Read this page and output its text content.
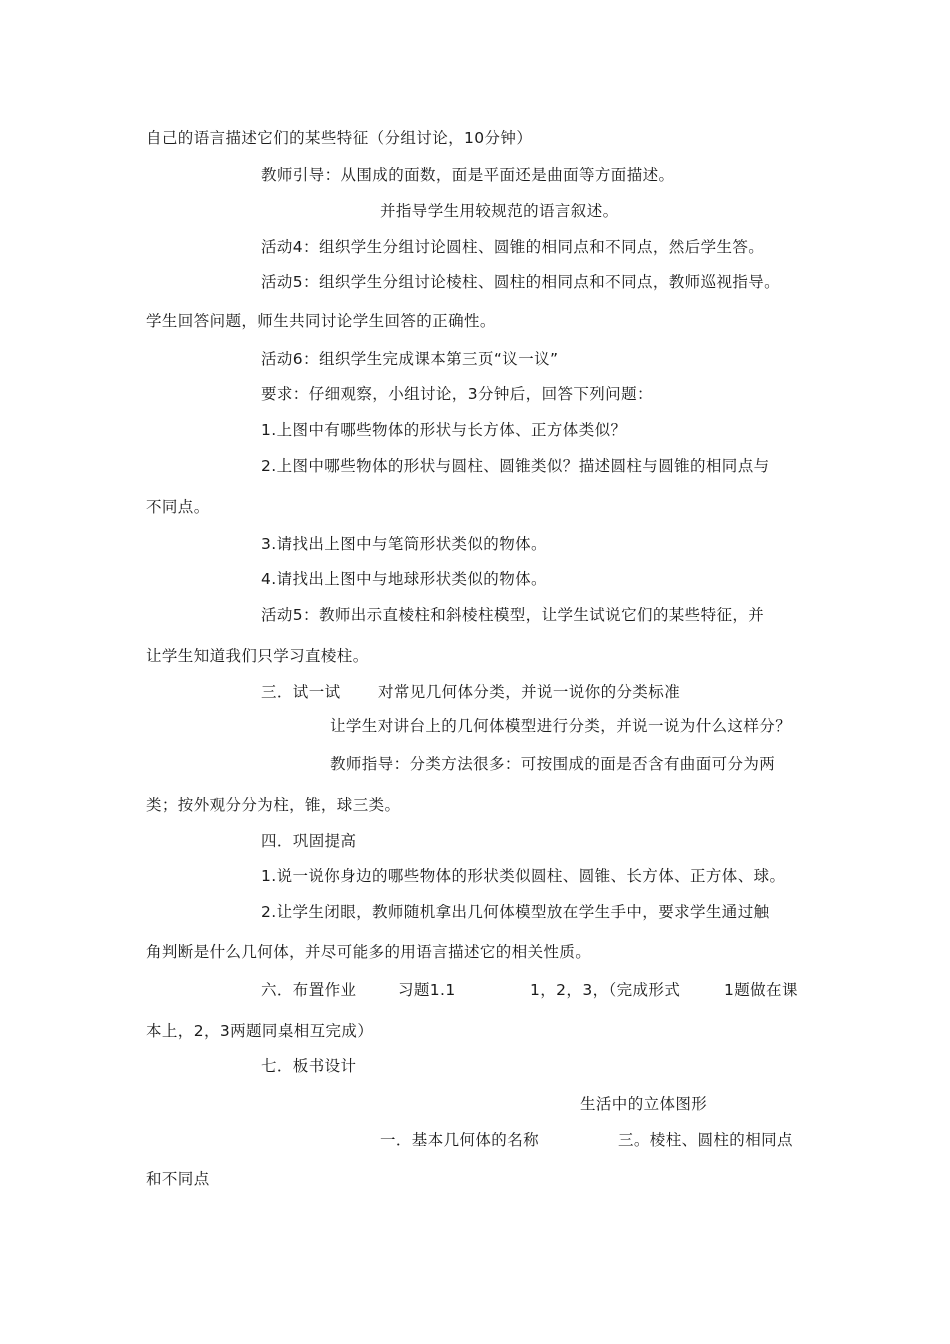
自己的语言描述它们的某些特征（分组讨论，10分钟）
教师引导：从围成的面数，面是平面还是曲面等方面描述。
并指导学生用较规范的语言叙述。
活动4：组织学生分组讨论圆柱、圆锥的相同点和不同点，然后学生答。
活动5：组织学生分组讨论棱柱、圆柱的相同点和不同点，教师巡视指导。
学生回答问题，师生共同讨论学生回答的正确性。
活动6：组织学生完成课本第三页“议一议”
要求：仔细观察，小组讨论，3分钟后，回答下列问题：
1.上图中有哪些物体的形状与长方体、正方体类似？
2.上图中哪些物体的形状与圆柱、圆锥类似？描述圆柱与圆锥的相同点与
不同点。
3.请找出上图中与笔筒形状类似的物体。
4.请找出上图中与地球形状类似的物体。
活动5：教师出示直棱柱和斜棱柱模型，让学生试说它们的某些特征，并
让学生知道我们只学习直棱柱。
三．试一试 对常见几何体分类，并说一说你的分类标准
让学生对讲台上的几何体模型进行分类，并说一说为什么这样分？
教师指导：分类方法很多：可按围成的面是否含有曲面可分为两
类；按外观分分为柱，锥，球三类。
四．巩固提高
1.说一说你身边的哪些物体的形状类似圆柱、圆锥、长方体、正方体、球。
2.让学生闭眼，教师随机拿出几何体模型放在学生手中，要求学生通过触
角判断是什么几何体，并尽可能多的用语言描述它的相关性质。
六．布置作业	习题1.1	1，2，3，（完成形式	1题做在课
本上，2，3两题同桌相互完成）
七．板书设计
生活中的立体图形
一．基本几何体的名称	三。棱柱、圆柱的相同点
和不同点
